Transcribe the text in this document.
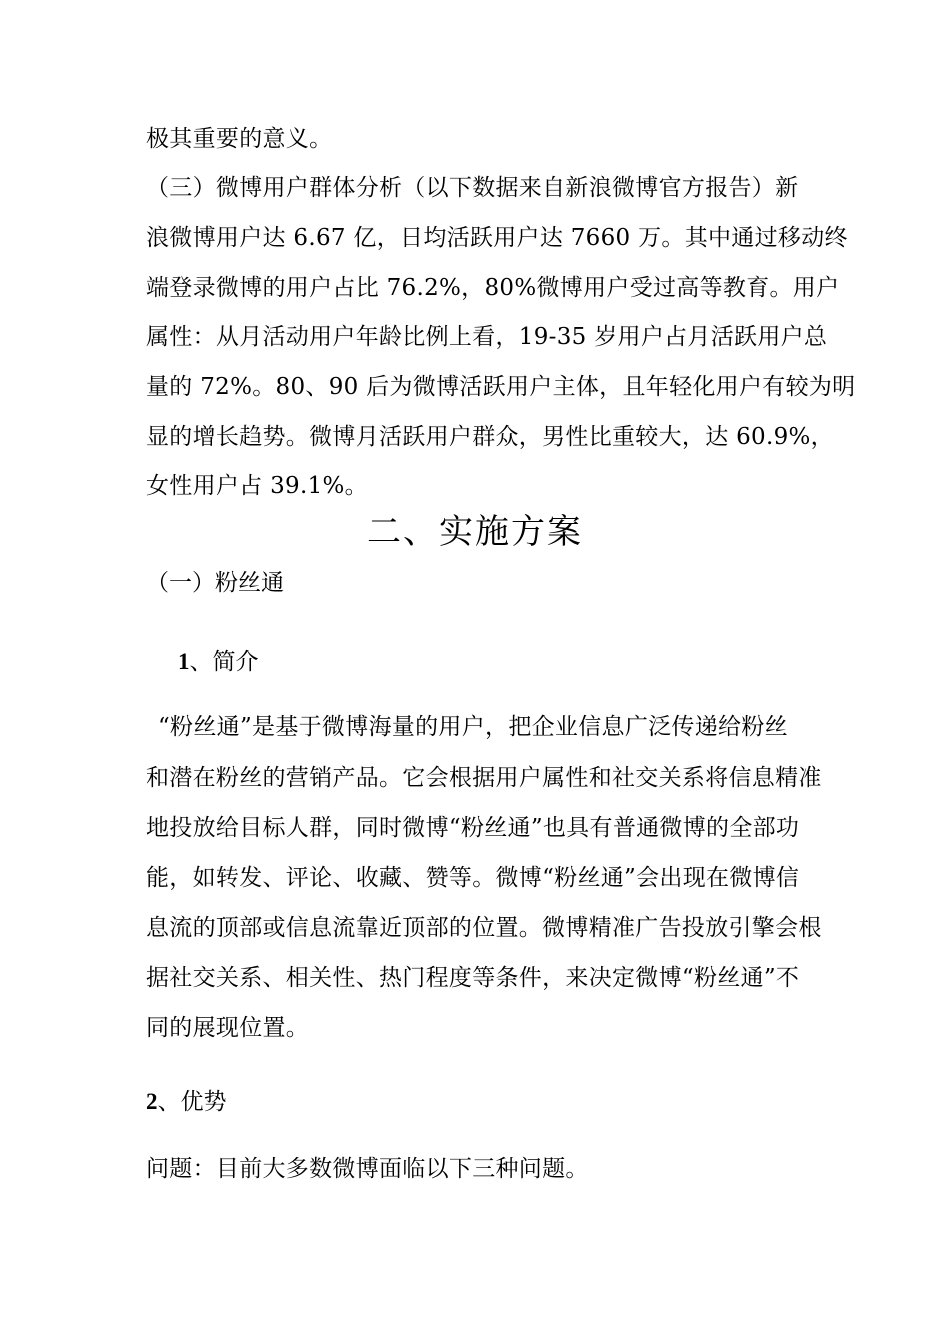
极其重要的意义。
（三）微博用户群体分析（以下数据来自新浪微博官方报告）新
浪微博用户达 6.67 亿，日均活跃用户达 7660 万。其中通过移动终
端登录微博的用户占比 76.2%，80%微博用户受过高等教育。用户
属性：从月活动用户年龄比例上看，19-35 岁用户占月活跃用户总
量的 72%。80、90 后为微博活跃用户主体，且年轻化用户有较为明
显的增长趋势。微博月活跃用户群众，男性比重较大，达 60.9%，
女性用户占 39.1%。
二、实施方案
（一）粉丝通
1、简介
“粉丝通”是基于微博海量的用户，把企业信息广泛传递给粉丝
和潜在粉丝的营销产品。它会根据用户属性和社交关系将信息精准
地投放给目标人群，同时微博“粉丝通”也具有普通微博的全部功
能，如转发、评论、收藏、赞等。微博“粉丝通”会出现在微博信
息流的顶部或信息流靠近顶部的位置。微博精准广告投放引擎会根
据社交关系、相关性、热门程度等条件，来决定微博“粉丝通”不
同的展现位置。
2、优势
问题：目前大多数微博面临以下三种问题。
